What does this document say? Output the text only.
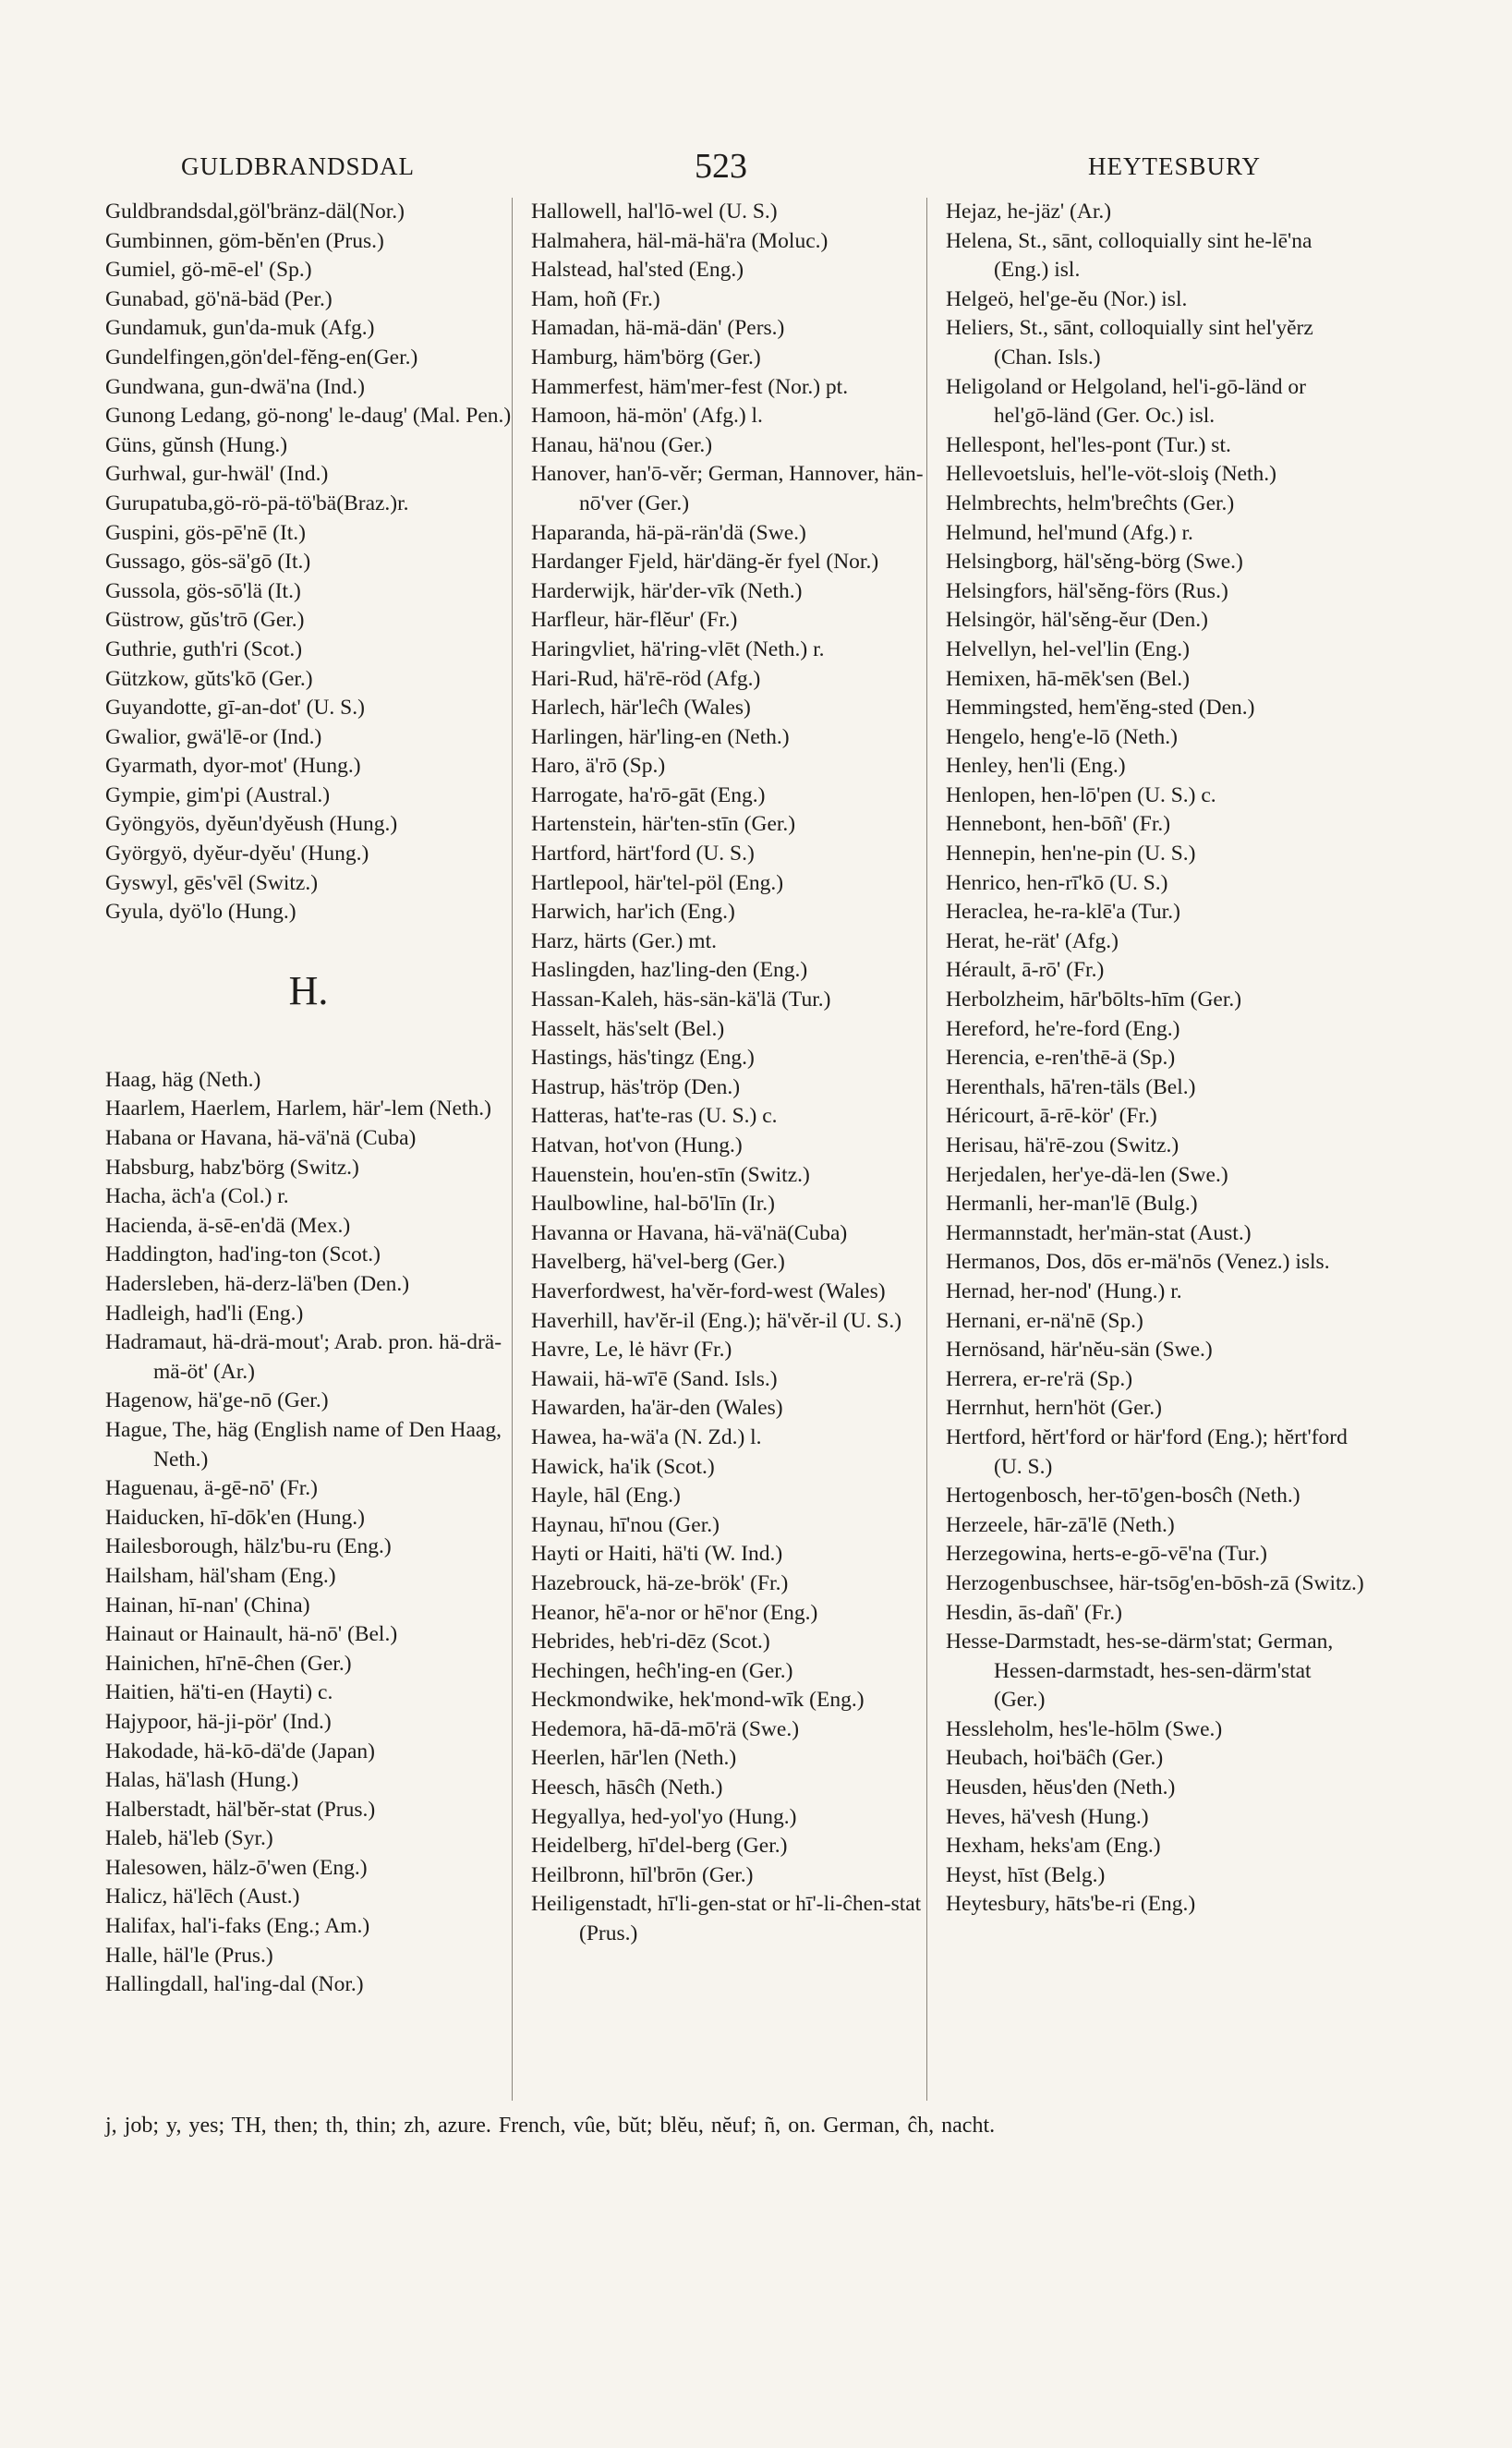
GULDBRANDSDAL	523	HEYTESBURY
Guldbrandsdal,göl'bränz-däl(Nor.)
Gumbinnen, göm-bĕn'en (Prus.)
Gumiel, gö-mē-el' (Sp.)
Gunabad, gö'nä-bäd (Per.)
Gundamuk, gun'da-muk (Afg.)
Gundelfingen,gön'del-fĕng-en(Ger.)
Gundwana, gun-dwä'na (Ind.)
Gunong Ledang, gö-nong' le-daug' (Mal. Pen.)
Güns, gŭnsh (Hung.)
Gurhwal, gur-hwäl' (Ind.)
Gurupatuba,gö-rö-pä-tö'bä(Braz.)r.
Guspini, gös-pē'nē (It.)
Gussago, gös-sä'gō (It.)
Gussola, gös-sō'lä (It.)
Güstrow, gŭs'trō (Ger.)
Guthrie, guth'ri (Scot.)
Gützkow, gŭts'kō (Ger.)
Guyandotte, gī-an-dot' (U. S.)
Gwalior, gwä'lē-or (Ind.)
Gyarmath, dyor-mot' (Hung.)
Gympie, gim'pi (Austral.)
Gyöngyös, dyĕun'dyĕush (Hung.)
Györgyö, dyĕur-dyĕu' (Hung.)
Gyswyl, gēs'vēl (Switz.)
Gyula, dyö'lo (Hung.)
H.
Haag, häg (Neth.)
Haarlem, Haerlem, Harlem, här'-lem (Neth.)
Habana or Havana, hä-vä'nä (Cuba)
Habsburg, habz'börg (Switz.)
Hacha, äch'a (Col.) r.
Hacienda, ä-sē-en'dä (Mex.)
Haddington, had'ing-ton (Scot.)
Hadersleben, hä-derz-lä'ben (Den.)
Hadleigh, had'li (Eng.)
Hadramaut, hä-drä-mout'; Arab. pron. hä-drä-mä-öt' (Ar.)
Hagenow, hä'ge-nō (Ger.)
Hague, The, häg (English name of Den Haag, Neth.)
Haguenau, ä-gē-nō' (Fr.)
Haiducken, hī-dōk'en (Hung.)
Hailesborough, hälz'bu-ru (Eng.)
Hailsham, häl'sham (Eng.)
Hainan, hī-nan' (China)
Hainaut or Hainault, hä-nō' (Bel.)
Hainichen, hī'nē-ĉhen (Ger.)
Haitien, hä'ti-en (Hayti) c.
Hajypoor, hä-ji-pör' (Ind.)
Hakodade, hä-kō-dä'de (Japan)
Halas, hä'lash (Hung.)
Halberstadt, häl'bĕr-stat (Prus.)
Haleb, hä'leb (Syr.)
Halesowen, hälz-ō'wen (Eng.)
Halicz, hä'lēch (Aust.)
Halifax, hal'i-faks (Eng.; Am.)
Halle, häl'le (Prus.)
Hallingdall, hal'ing-dal (Nor.)
Hallowell, hal'lō-wel (U. S.)
Halmahera, häl-mä-hä'ra (Moluc.)
Halstead, hal'sted (Eng.)
Ham, hoñ (Fr.)
Hamadan, hä-mä-dän' (Pers.)
Hamburg, häm'börg (Ger.)
Hammerfest, häm'mer-fest (Nor.) pt.
Hamoon, hä-mön' (Afg.) l.
Hanau, hä'nou (Ger.)
Hanover, han'ō-vĕr; German, Hannover, hän-nō'ver (Ger.)
Haparanda, hä-pä-rän'dä (Swe.)
Hardanger Fjeld, här'däng-ĕr fyel (Nor.)
Harderwijk, här'der-vīk (Neth.)
Harfleur, här-flĕur' (Fr.)
Haringvliet, hä'ring-vlēt (Neth.) r.
Hari-Rud, hä'rē-röd (Afg.)
Harlech, här'leĉh (Wales)
Harlingen, här'ling-en (Neth.)
Haro, ä'rō (Sp.)
Harrogate, ha'rō-gāt (Eng.)
Hartenstein, här'ten-stīn (Ger.)
Hartford, härt'ford (U. S.)
Hartlepool, här'tel-pöl (Eng.)
Harwich, har'ich (Eng.)
Harz, härts (Ger.) mt.
Haslingden, haz'ling-den (Eng.)
Hassan-Kaleh, häs-sän-kä'lä (Tur.)
Hasselt, häs'selt (Bel.)
Hastings, häs'tingz (Eng.)
Hastrup, häs'tröp (Den.)
Hatteras, hat'te-ras (U. S.) c.
Hatvan, hot'von (Hung.)
Hauenstein, hou'en-stīn (Switz.)
Haulbowline, hal-bō'līn (Ir.)
Havanna or Havana, hä-vä'nä(Cuba)
Havelberg, hä'vel-berg (Ger.)
Haverfordwest, ha'vĕr-ford-west (Wales)
Haverhill, hav'ĕr-il (Eng.); hä'vĕr-il (U. S.)
Havre, Le, lė hävr (Fr.)
Hawaii, hä-wī'ē (Sand. Isls.)
Hawarden, ha'är-den (Wales)
Hawea, ha-wä'a (N. Zd.) l.
Hawick, ha'ik (Scot.)
Hayle, hāl (Eng.)
Haynau, hī'nou (Ger.)
Hayti or Haiti, hä'ti (W. Ind.)
Hazebrouck, hä-ze-brök' (Fr.)
Heanor, hē'a-nor or hē'nor (Eng.)
Hebrides, heb'ri-dēz (Scot.)
Hechingen, heĉh'ing-en (Ger.)
Heckmondwike, hek'mond-wīk (Eng.)
Hedemora, hā-dā-mō'rä (Swe.)
Heerlen, hār'len (Neth.)
Heesch, hāsĉh (Neth.)
Hegyallya, hed-yol'yo (Hung.)
Heidelberg, hī'del-berg (Ger.)
Heilbronn, hīl'brōn (Ger.)
Heiligenstadt, hī'li-gen-stat or hī'-li-ĉhen-stat (Prus.)
Hejaz, he-jäz' (Ar.)
Helena, St., sānt, colloquially sint he-lē'na (Eng.) isl.
Helgeö, hel'ge-ĕu (Nor.) isl.
Heliers, St., sānt, colloquially sint hel'yĕrz (Chan. Isls.)
Heligoland or Helgoland, hel'i-gō-länd or hel'gō-länd (Ger. Oc.) isl.
Hellespont, hel'les-pont (Tur.) st.
Hellevoetsluis, hel'le-vöt-sloiş (Neth.)
Helmbrechts, helm'breĉhts (Ger.)
Helmund, hel'mund (Afg.) r.
Helsingborg, häl'sĕng-börg (Swe.)
Helsingfors, häl'sĕng-förs (Rus.)
Helsingör, häl'sĕng-ĕur (Den.)
Helvellyn, hel-vel'lin (Eng.)
Hemixen, hā-mēk'sen (Bel.)
Hemmingsted, hem'ĕng-sted (Den.)
Hengelo, heng'e-lō (Neth.)
Henley, hen'li (Eng.)
Henlopen, hen-lō'pen (U. S.) c.
Hennebont, hen-bōñ' (Fr.)
Hennepin, hen'ne-pin (U. S.)
Henrico, hen-rī'kō (U. S.)
Heraclea, he-ra-klē'a (Tur.)
Herat, he-rät' (Afg.)
Hérault, ā-rō' (Fr.)
Herbolzheim, hār'bōlts-hīm (Ger.)
Hereford, he're-ford (Eng.)
Herencia, e-ren'thē-ä (Sp.)
Herenthals, hā'ren-täls (Bel.)
Héricourt, ā-rē-kör' (Fr.)
Herisau, hä'rē-zou (Switz.)
Herjedalen, her'ye-dä-len (Swe.)
Hermanli, her-man'lē (Bulg.)
Hermannstadt, her'män-stat (Aust.)
Hermanos, Dos, dōs er-mä'nōs (Venez.) isls.
Hernad, her-nod' (Hung.) r.
Hernani, er-nä'nē (Sp.)
Hernösand, här'nĕu-sän (Swe.)
Herrera, er-re'rä (Sp.)
Herrnhut, hern'höt (Ger.)
Hertford, hĕrt'ford or här'ford (Eng.); hĕrt'ford (U. S.)
Hertogenbosch, her-tō'gen-bosĉh (Neth.)
Herzeele, hār-zā'lē (Neth.)
Herzegowina, herts-e-gō-vē'na (Tur.)
Herzogenbuschsee, här-tsōg'en-bōsh-zā (Switz.)
Hesdin, ās-dañ' (Fr.)
Hesse-Darmstadt, hes-se-därm'stat; German, Hessen-darmstadt, hes-sen-därm'stat (Ger.)
Hessleholm, hes'le-hōlm (Swe.)
Heubach, hoi'bäĉh (Ger.)
Heusden, hĕus'den (Neth.)
Heves, hä'vesh (Hung.)
Hexham, heks'am (Eng.)
Heyst, hīst (Belg.)
Heytesbury, hāts'be-ri (Eng.)
j, job; y, yes; TH, then; th, thin; zh, azure. French, vûe, bŭt; blĕu, nĕuf; ñ, on. German, ĉh, nacht.
